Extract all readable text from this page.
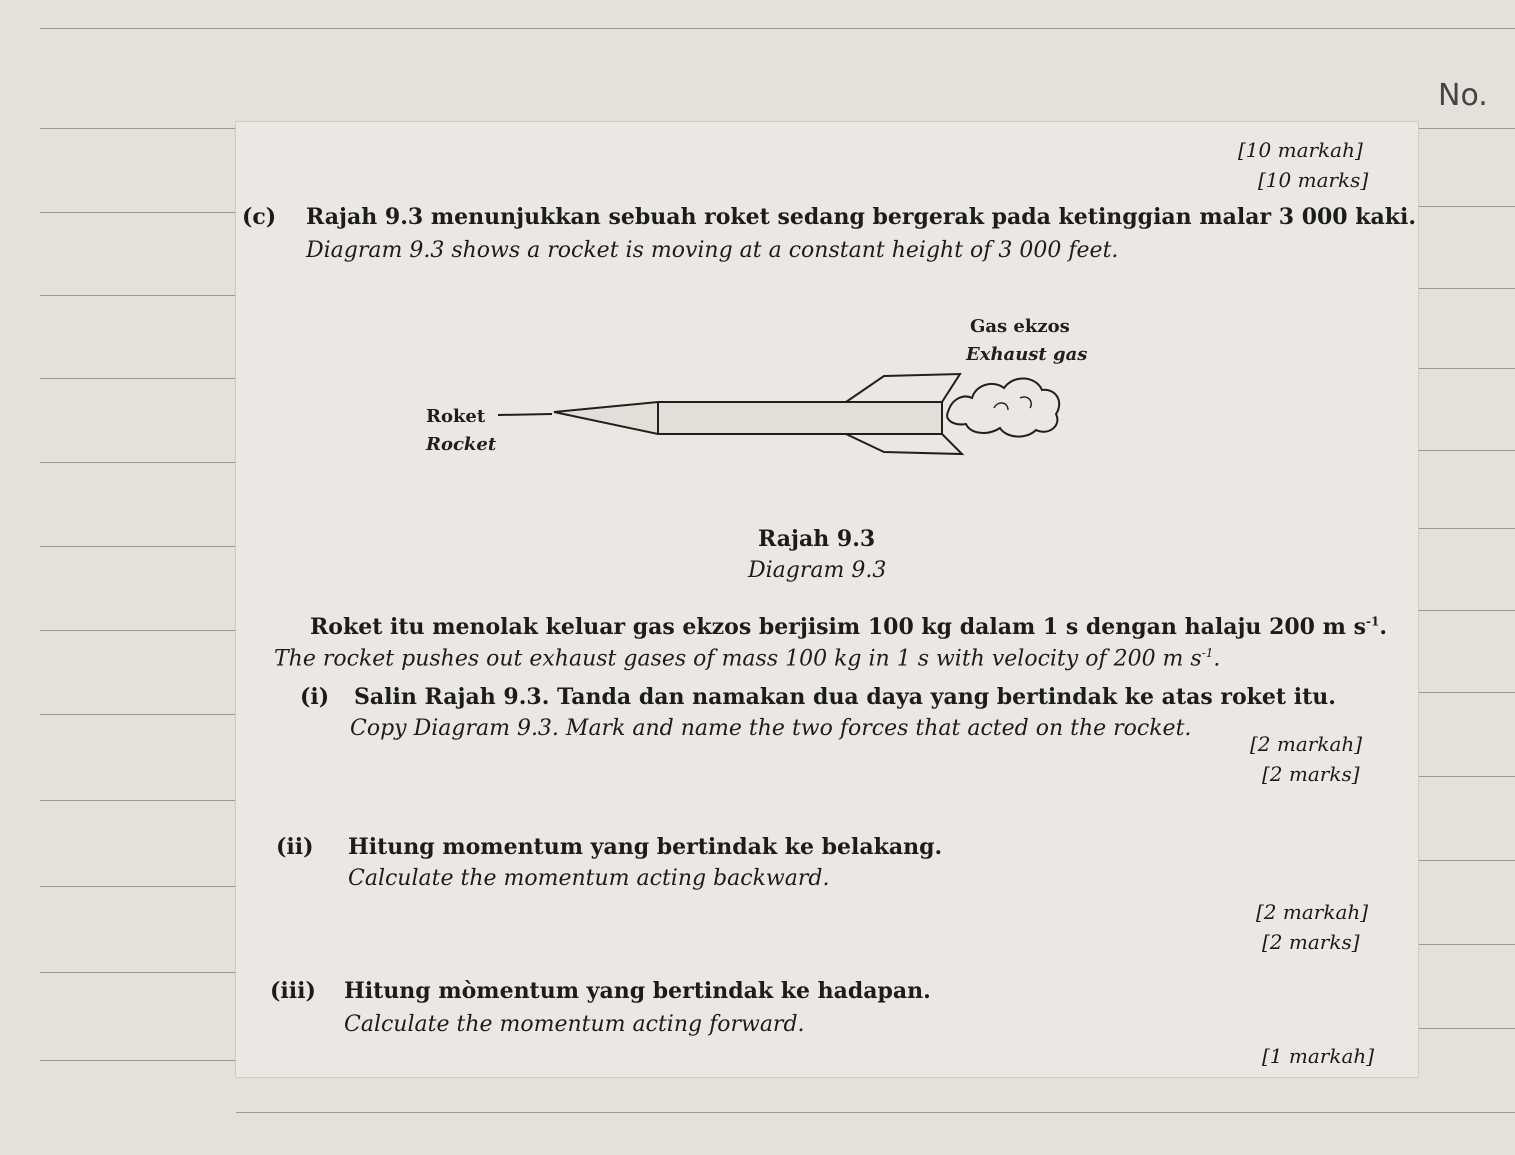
No.
[10 markah]
[10 marks]
(c) Rajah 9.3 menunjukkan sebuah roket sedang bergerak pada ketinggian malar 3 000 kaki.
Diagram 9.3 shows a rocket is moving at a constant height of 3 000 feet.
Gas ekzos
Exhaust gas
Roket
Rocket
Rajah 9.3
Diagram 9.3
Roket itu menolak keluar gas ekzos berjisim 100 kg dalam 1 s dengan halaju 200 m $s^{-1}$.
The rocket pushes out exhaust gases of mass 100 kg in 1 s with velocity of 200 m $s^{-1}$.
(i) Salin Rajah 9.3. Tanda dan namakan dua daya yang bertindak ke atas roket itu.
Copy Diagram 9.3. Mark and name the two forces that acted on the rocket.
[2 markah]
[2 marks]
(ii) Hitung momentum yang bertindak ke belakang.
Calculate the momentum acting backward.
[2 markah]
[2 marks]
(iii) Hitung mòmentum yang bertindak ke hadapan.
Calculate the momentum acting forward.
[1 markah]
